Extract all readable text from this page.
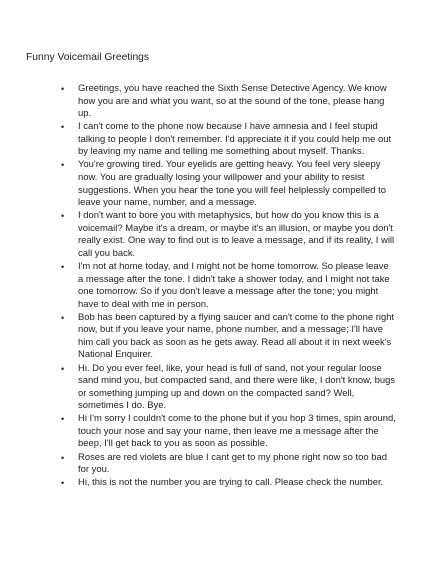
Funny Voicemail Greetings
• Greetings, you have reached the Sixth Sense Detective Agency. We know how you are and what you want, so at the sound of the tone, please hang up.
• I can't come to the phone now because I have amnesia and I feel stupid talking to people I don't remember. I'd appreciate it if you could help me out by leaving my name and telling me something about myself. Thanks.
• You're growing tired. Your eyelids are getting heavy. You feel very sleepy now. You are gradually losing your willpower and your ability to resist suggestions. When you hear the tone you will feel helplessly compelled to leave your name, number, and a message.
• I don't want to bore you with metaphysics, but how do you know this is a voicemail? Maybe it's a dream, or maybe it's an illusion, or maybe you don't really exist. One way to find out is to leave a message, and if its reality, I will call you back.
• I'm not at home today, and I might not be home tomorrow. So please leave a message after the tone. I didn't take a shower today, and I might not take one tomorrow. So if you don't leave a message after the tone; you might have to deal with me in person.
• Bob has been captured by a flying saucer and can't come to the phone right now, but if you leave your name, phone number, and a message; I'll have him call you back as soon as he gets away. Read all about it in next week's National Enquirer.
• Hi. Do you ever feel, like, your head is full of sand, not your regular loose sand mind you, but compacted sand, and there were like, I don't know, bugs or something jumping up and down on the compacted sand? Well, sometimes I do. Bye.
• Hi I'm sorry I couldn't come to the phone but if you hop 3 times, spin around, touch your nose and say your name, then leave me a message after the beep, I'll get back to you as soon as possible.
• Roses are red violets are blue I cant get to my phone right now so too bad for you.
• Hi, this is not the number you are trying to call. Please check the number.
